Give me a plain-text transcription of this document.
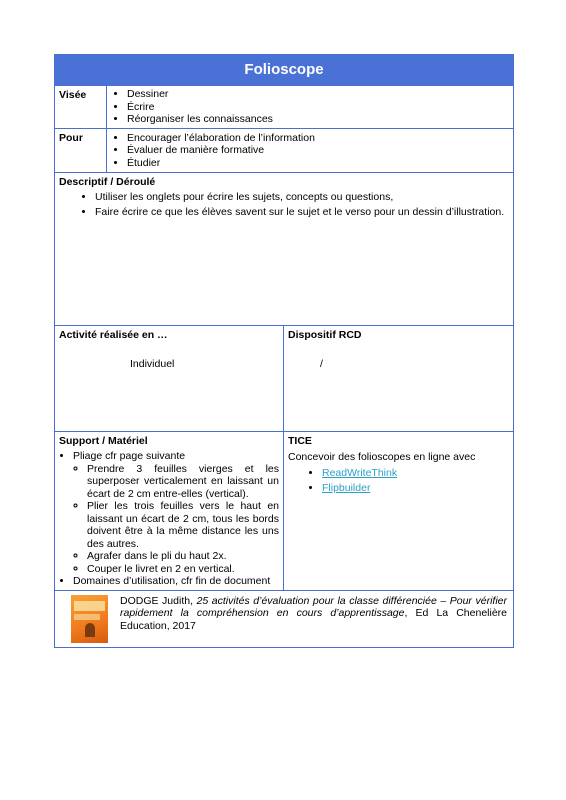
Folioscope
Visée	• Dessiner
• Écrire
• Réorganiser les connaissances
Pour	• Encourager l’élaboration de l’information
• Évaluer de manière formative
• Étudier
Descriptif / Déroulé
• Utiliser les onglets pour écrire les sujets, concepts ou questions,
• Faire écrire ce que les élèves savent sur le sujet et le verso pour un dessin d’illustration.
Activité réalisée en …
Individuel
Dispositif RCD
/
Support / Matériel
• Pliage cfr page suivante
◦ Prendre 3 feuilles vierges et les superposer verticalement en laissant un écart de 2 cm entre-elles (vertical).
◦ Plier les trois feuilles vers le haut en laissant un écart de 2 cm, tous les bords doivent être à la même distance les uns des autres.
◦ Agrafer dans le pli du haut 2x.
◦ Couper le livret en 2 en vertical.
• Domaines d’utilisation, cfr fin de document
TICE
Concevoir des folioscopes en ligne avec
• ReadWriteThink
• Flipbuilder
DODGE Judith, 25 activités d’évaluation pour la classe différenciée – Pour vérifier rapidement la compréhension en cours d’apprentissage, Ed La Chenelière Education, 2017
